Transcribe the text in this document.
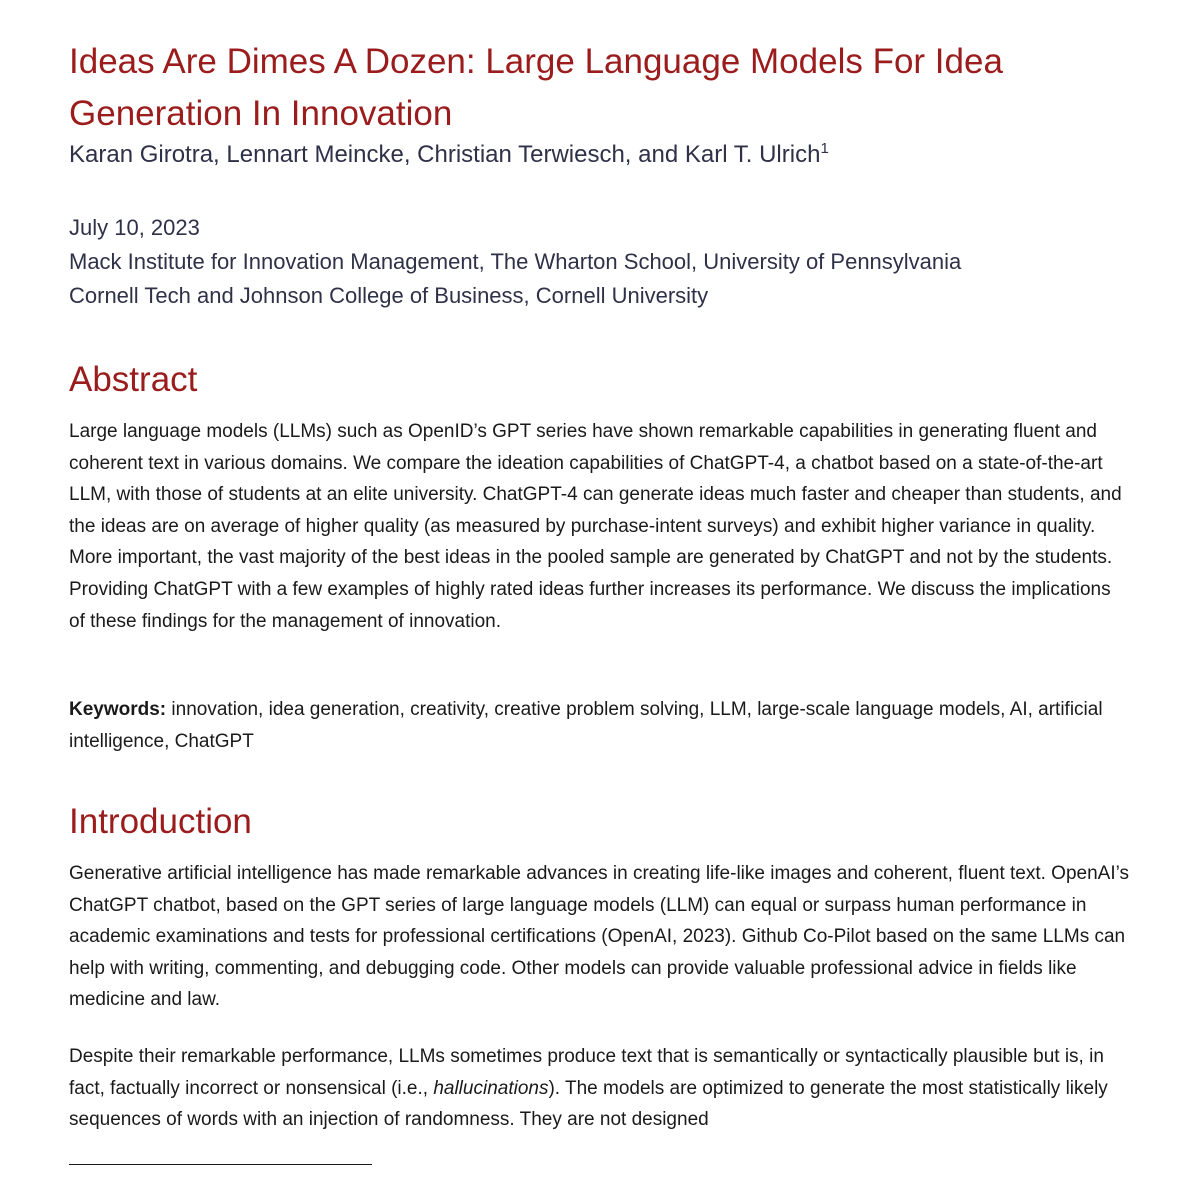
Ideas Are Dimes A Dozen: Large Language Models For Idea Generation In Innovation
Karan Girotra, Lennart Meincke, Christian Terwiesch, and Karl T. Ulrich$^1$
July 10, 2023
Mack Institute for Innovation Management, The Wharton School, University of Pennsylvania
Cornell Tech and Johnson College of Business, Cornell University
Abstract

Large language models (LLMs) such as OpenID’s GPT series have shown remarkable capabilities in generating fluent and coherent text in various domains. We compare the ideation capabilities of ChatGPT-4, a chatbot based on a state-of-the-art LLM, with those of students at an elite university. ChatGPT-4 can generate ideas much faster and cheaper than students, and the ideas are on average of higher quality (as measured by purchase-intent surveys) and exhibit higher variance in quality. More important, the vast majority of the best ideas in the pooled sample are generated by ChatGPT and not by the students. Providing ChatGPT with a few examples of highly rated ideas further increases its performance. We discuss the implications of these findings for the management of innovation.

Keywords: innovation, idea generation, creativity, creative problem solving, LLM, large-scale language models, AI, artificial intelligence, ChatGPT

Introduction

Generative artificial intelligence has made remarkable advances in creating life-like images and coherent, fluent text. OpenAI’s ChatGPT chatbot, based on the GPT series of large language models (LLM) can equal or surpass human performance in academic examinations and tests for professional certifications (OpenAI, 2023). Github Co-Pilot based on the same LLMs can help with writing, commenting, and debugging code. Other models can provide valuable professional advice in fields like medicine and law.

Despite their remarkable performance, LLMs sometimes produce text that is semantically or syntactically plausible but is, in fact, factually incorrect or nonsensical (i.e., hallucinations). The models are optimized to generate the most statistically likely sequences of words with an injection of randomness. They are not designed
